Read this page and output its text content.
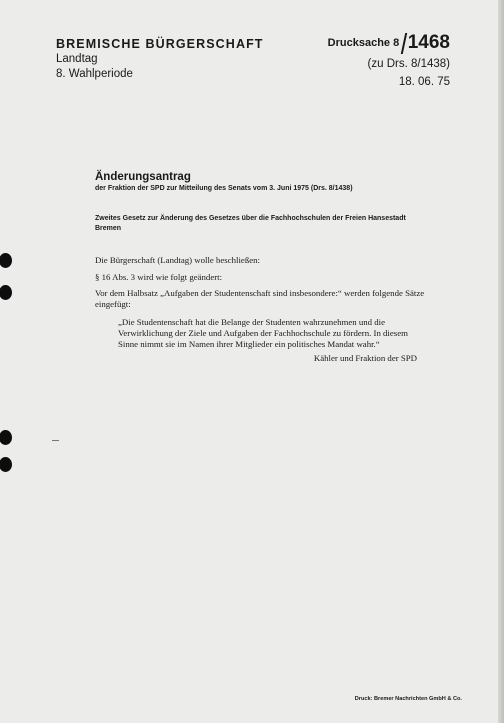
BREMISCHE BÜRGERSCHAFT
Landtag
8. Wahlperiode
Drucksache 8 1468
(zu Drs. 8/1438)
18. 06. 75
Änderungsantrag
der Fraktion der SPD zur Mitteilung des Senats vom 3. Juni 1975 (Drs. 8/1438)
Zweites Gesetz zur Änderung des Gesetzes über die Fachhochschulen der Freien Hansestadt Bremen
Die Bürgerschaft (Landtag) wolle beschließen:
§ 16 Abs. 3 wird wie folgt geändert:
Vor dem Halbsatz „Aufgaben der Studentenschaft sind insbesondere:“ werden folgende Sätze eingefügt:
„Die Studentenschaft hat die Belange der Studenten wahrzunehmen und die Verwirklichung der Ziele und Aufgaben der Fachhochschule zu fördern. In diesem Sinne nimmt sie im Namen ihrer Mitglieder ein politisches Mandat wahr.“
Kähler und Fraktion der SPD
Druck: Bremer Nachrichten GmbH & Co.
